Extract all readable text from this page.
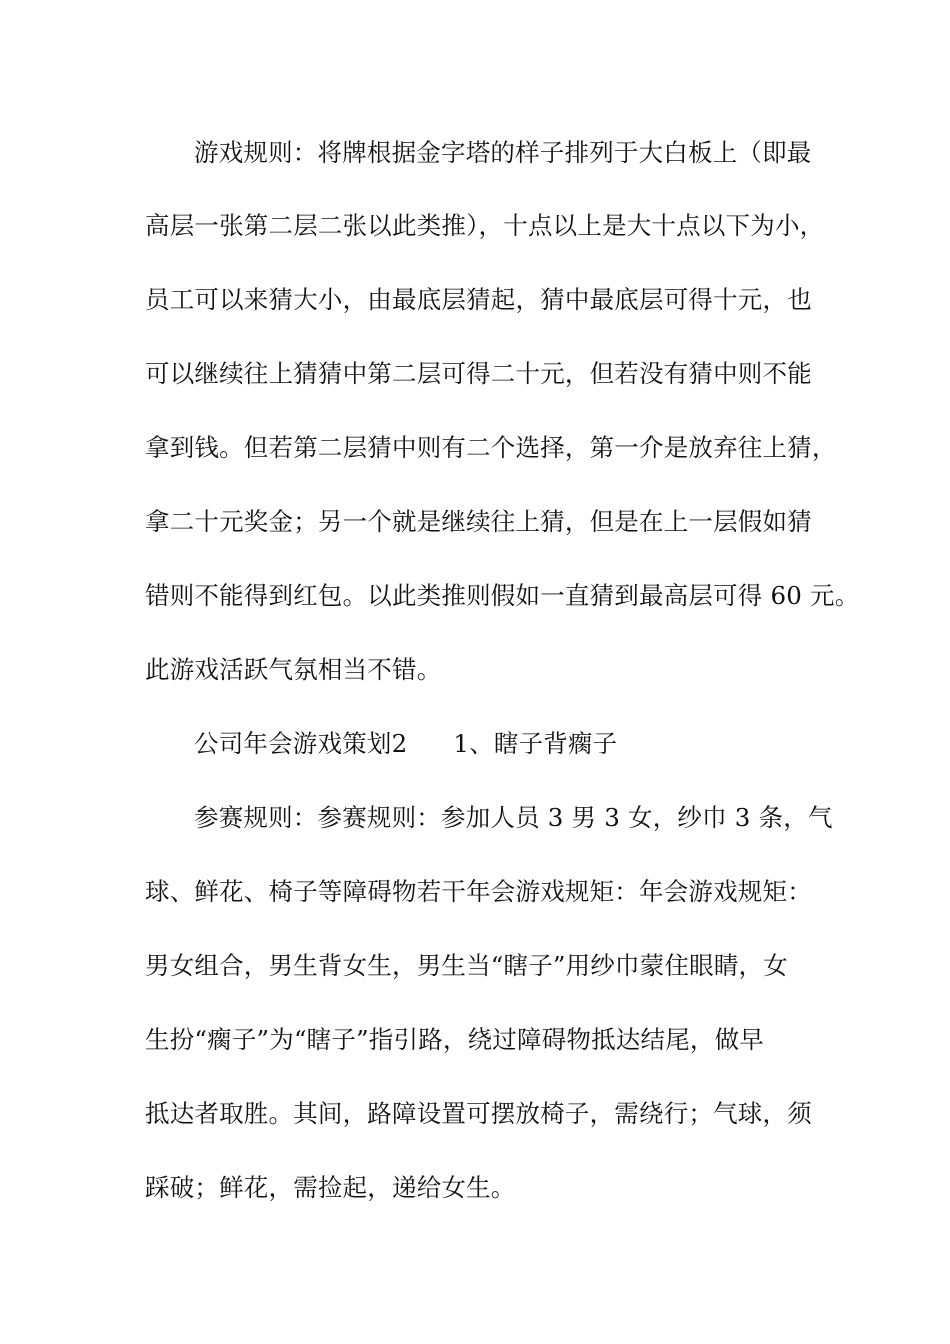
游戏规则：将牌根据金字塔的样子排列于大白板上（即最
高层一张第二层二张以此类推），十点以上是大十点以下为小，
员工可以来猜大小，由最底层猜起，猜中最底层可得十元，也
可以继续往上猜猜中第二层可得二十元，但若没有猜中则不能
拿到钱。但若第二层猜中则有二个选择，第一介是放弃往上猜，
拿二十元奖金；另一个就是继续往上猜，但是在上一层假如猜
错则不能得到红包。以此类推则假如一直猜到最高层可得 60 元。
此游戏活跃气氛相当不错。
公司年会游戏策划2 1、瞎子背瘸子
参赛规则：参赛规则：参加人员 3 男 3 女，纱巾 3 条，气
球、鲜花、椅子等障碍物若干年会游戏规矩：年会游戏规矩：
男女组合，男生背女生，男生当“瞎子”用纱巾蒙住眼睛，女
生扮“瘸子”为“瞎子”指引路，绕过障碍物抵达结尾，做早
抵达者取胜。其间，路障设置可摆放椅子，需绕行；气球，须
踩破；鲜花，需捡起，递给女生。
